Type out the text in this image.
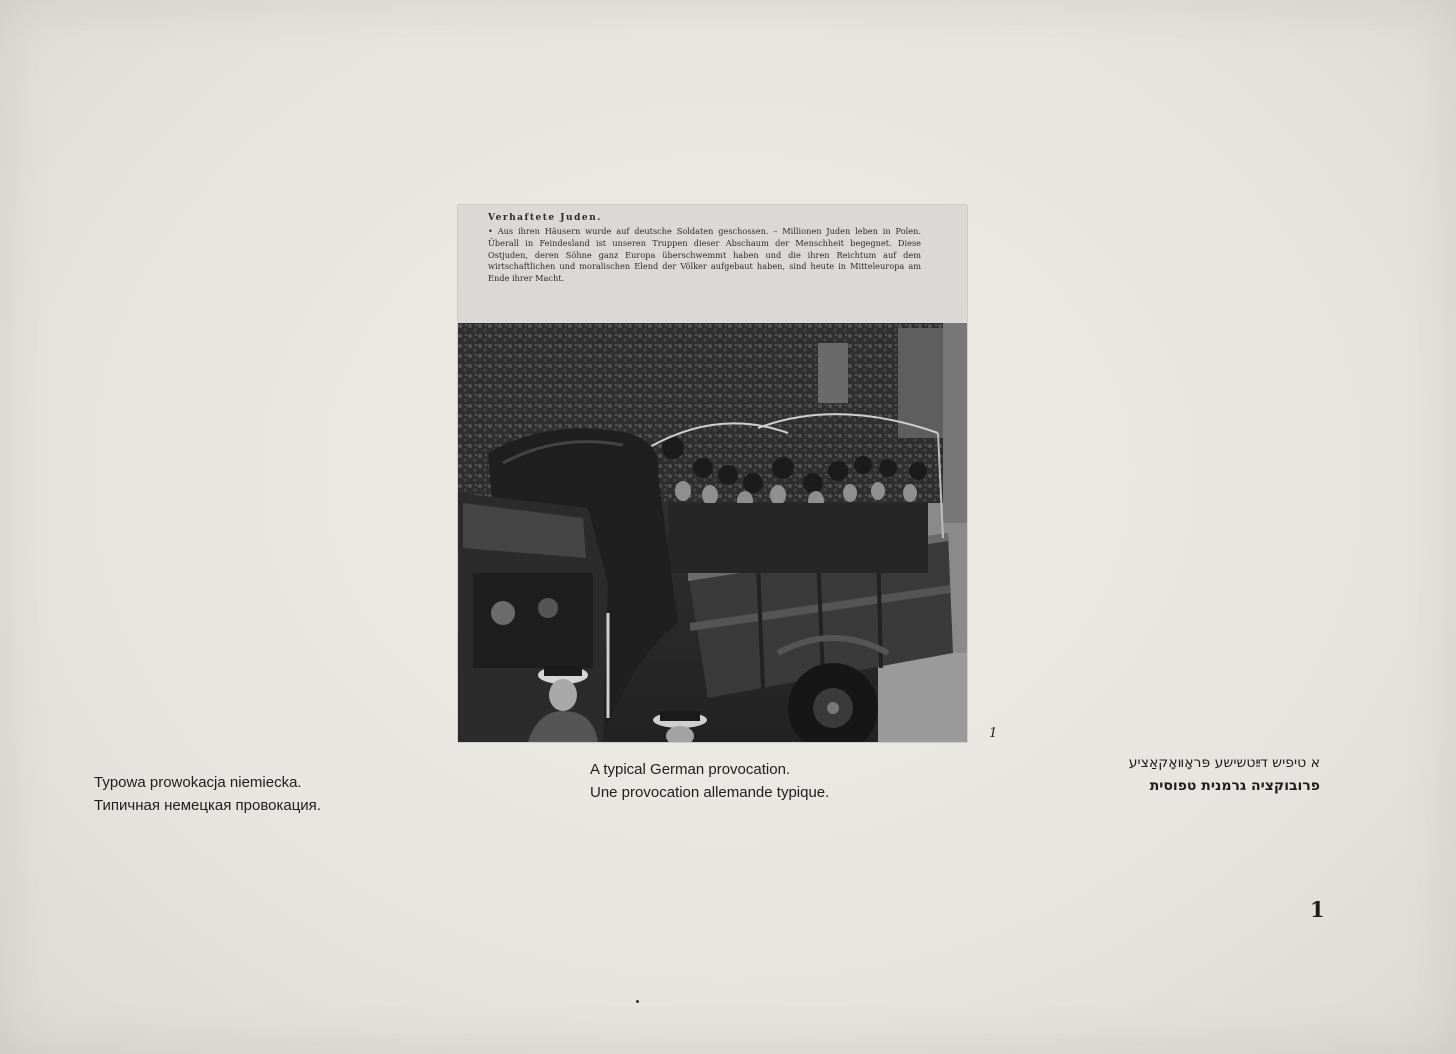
Verhaftete Juden.
• Aus ihren Häusern wurde auf deutsche Soldaten geschossen. – Millionen Juden leben in Polen. Überall in Feindesland ist unseren Truppen dieser Abschaum der Menschheit begegnet. Diese Ostjuden, deren Söhne ganz Europa überschwemmt haben und die ihren Reichtum auf dem wirtschaftlichen und moralischen Elend der Völker aufgebaut haben, sind heute in Mitteleuropa am Ende ihrer Macht.
1
Typowa prowokacja niemiecka.
Типичная немецкая провокация.
A typical German provocation.
Une provocation allemande typique.
א טיפיש דײַטשישע פּראָװאָקאַציע
פרובוקציה גרמנית טפוסית
1
